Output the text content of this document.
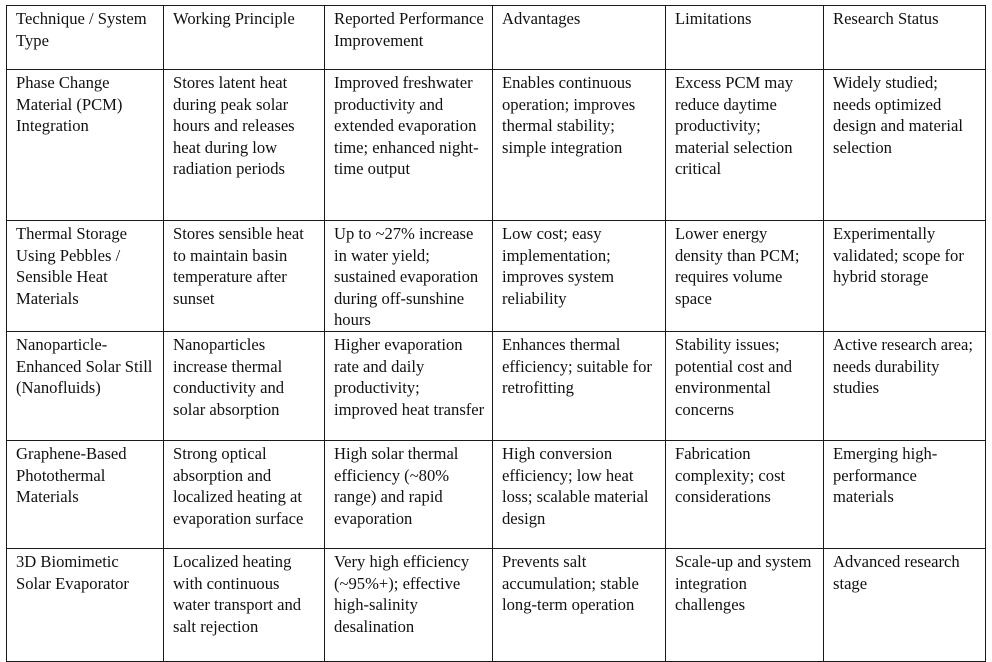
Technique / System Type	Working Principle	Reported Performance Improvement	Advantages	Limitations	Research Status
Phase Change Material (PCM) Integration	Stores latent heat during peak solar hours and releases heat during low radiation periods	Improved freshwater productivity and extended evaporation time; enhanced night-time output	Enables continuous operation; improves thermal stability; simple integration	Excess PCM may reduce daytime productivity; material selection critical	Widely studied; needs optimized design and material selection
Thermal Storage Using Pebbles / Sensible Heat Materials	Stores sensible heat to maintain basin temperature after sunset	Up to ~27% increase in water yield; sustained evaporation during off-sunshine hours	Low cost; easy implementation; improves system reliability	Lower energy density than PCM; requires volume space	Experimentally validated; scope for hybrid storage
Nanoparticle-Enhanced Solar Still (Nanofluids)	Nanoparticles increase thermal conductivity and solar absorption	Higher evaporation rate and daily productivity; improved heat transfer	Enhances thermal efficiency; suitable for retrofitting	Stability issues; potential cost and environmental concerns	Active research area; needs durability studies
Graphene-Based Photothermal Materials	Strong optical absorption and localized heating at evaporation surface	High solar thermal efficiency (~80% range) and rapid evaporation	High conversion efficiency; low heat loss; scalable material design	Fabrication complexity; cost considerations	Emerging high-performance materials
3D Biomimetic Solar Evaporator	Localized heating with continuous water transport and salt rejection	Very high efficiency (~95%+); effective high-salinity desalination	Prevents salt accumulation; stable long-term operation	Scale-up and system integration challenges	Advanced research stage
